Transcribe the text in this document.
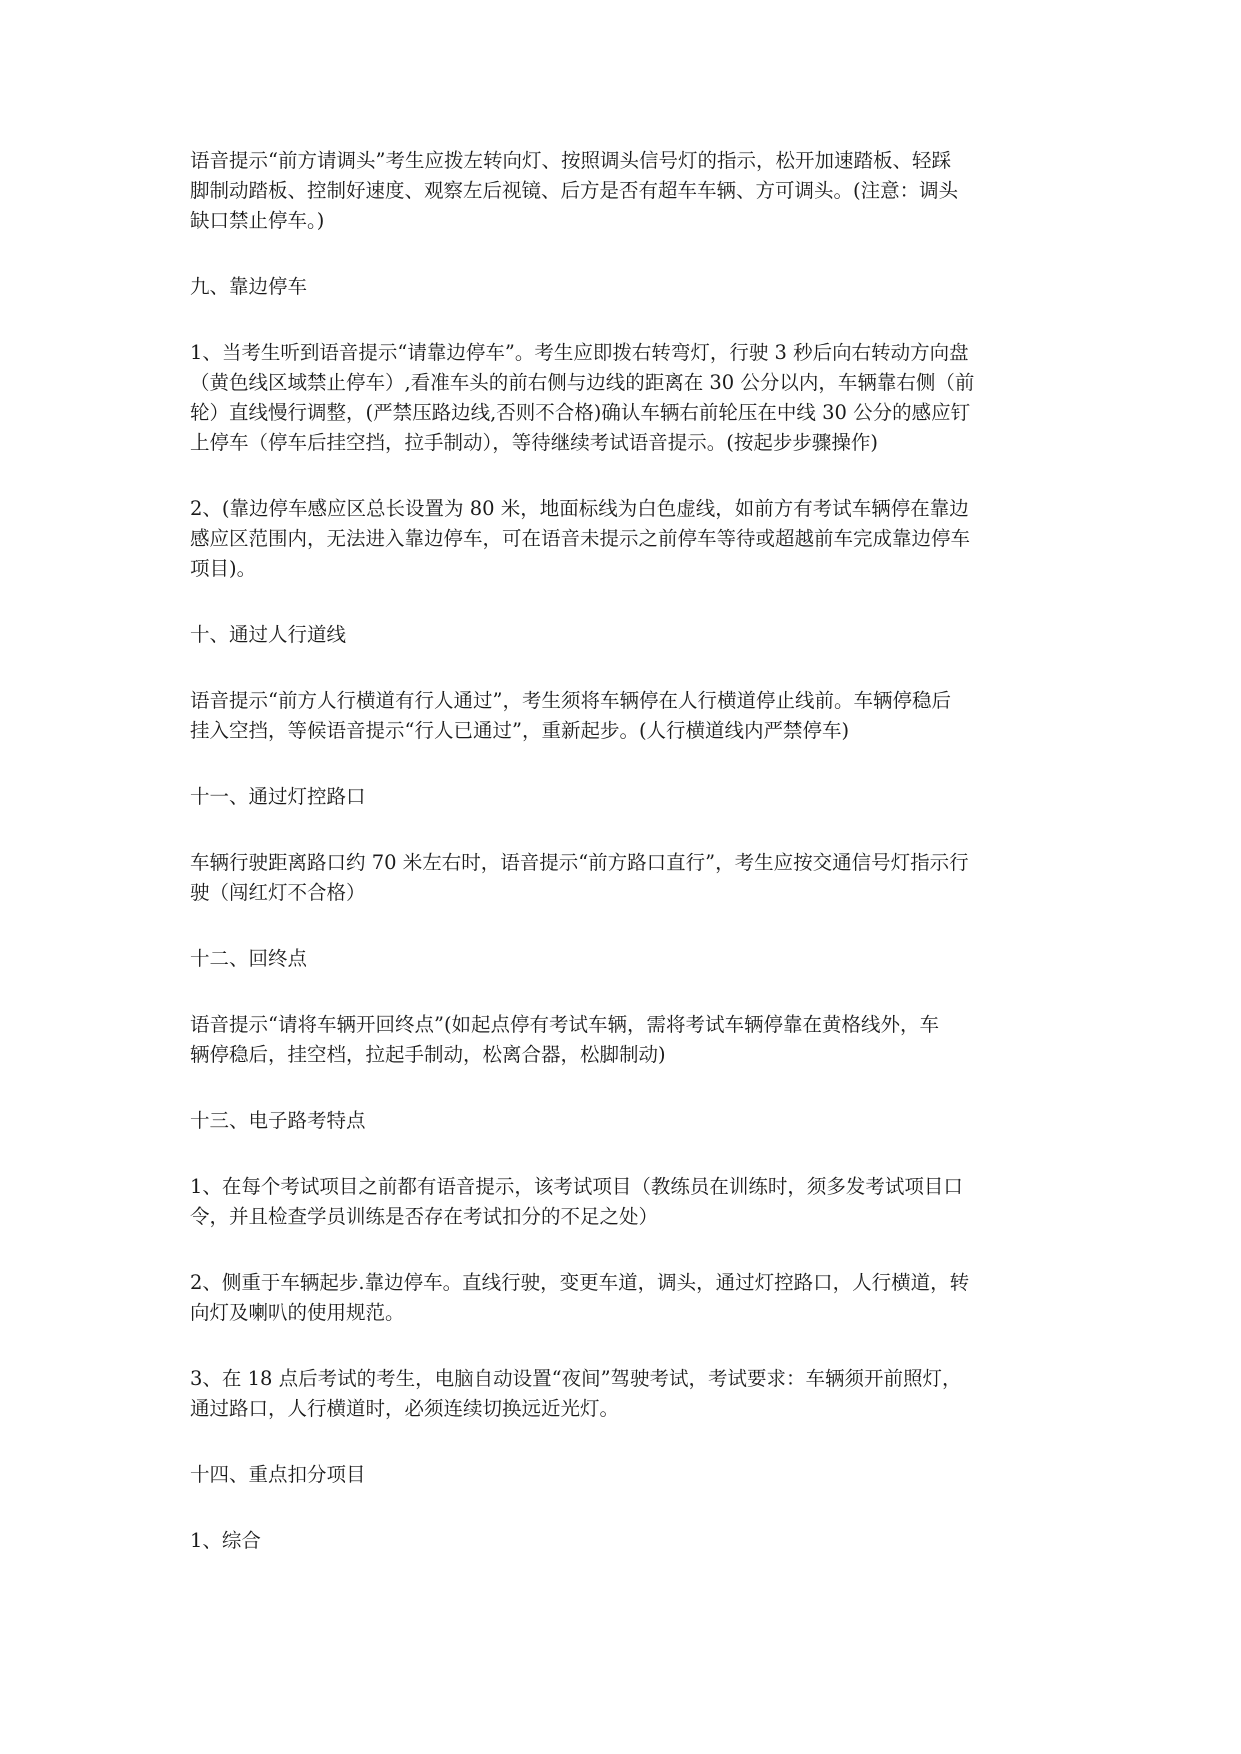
语音提示“前方请调头”考生应拨左转向灯、按照调头信号灯的指示，松开加速踏板、轻踩
脚制动踏板、控制好速度、观察左后视镜、后方是否有超车车辆、方可调头。(注意：调头
缺口禁止停车。)

九、靠边停车

1、当考生听到语音提示“请靠边停车”。考生应即拨右转弯灯，行驶 3 秒后向右转动方向盘
（黄色线区域禁止停车）,看准车头的前右侧与边线的距离在 30 公分以内，车辆靠右侧（前
轮）直线慢行调整，(严禁压路边线,否则不合格)确认车辆右前轮压在中线 30 公分的感应钉
上停车（停车后挂空挡，拉手制动），等待继续考试语音提示。(按起步步骤操作)

2、(靠边停车感应区总长设置为 80 米，地面标线为白色虚线，如前方有考试车辆停在靠边
感应区范围内，无法进入靠边停车，可在语音未提示之前停车等待或超越前车完成靠边停车
项目)。

十、通过人行道线

语音提示“前方人行横道有行人通过”，考生须将车辆停在人行横道停止线前。车辆停稳后
挂入空挡，等候语音提示“行人已通过”，重新起步。(人行横道线内严禁停车)

十一、通过灯控路口

车辆行驶距离路口约 70 米左右时，语音提示“前方路口直行”，考生应按交通信号灯指示行
驶（闯红灯不合格）

十二、回终点

语音提示“请将车辆开回终点”(如起点停有考试车辆，需将考试车辆停靠在黄格线外，车
辆停稳后，挂空档，拉起手制动，松离合器，松脚制动)

十三、电子路考特点

1、在每个考试项目之前都有语音提示，该考试项目（教练员在训练时，须多发考试项目口
令，并且检查学员训练是否存在考试扣分的不足之处）

2、侧重于车辆起步.靠边停车。直线行驶，变更车道，调头，通过灯控路口，人行横道，转
向灯及喇叭的使用规范。

3、在 18 点后考试的考生，电脑自动设置“夜间”驾驶考试，考试要求：车辆须开前照灯，
通过路口，人行横道时，必须连续切换远近光灯。

十四、重点扣分项目

1、综合
